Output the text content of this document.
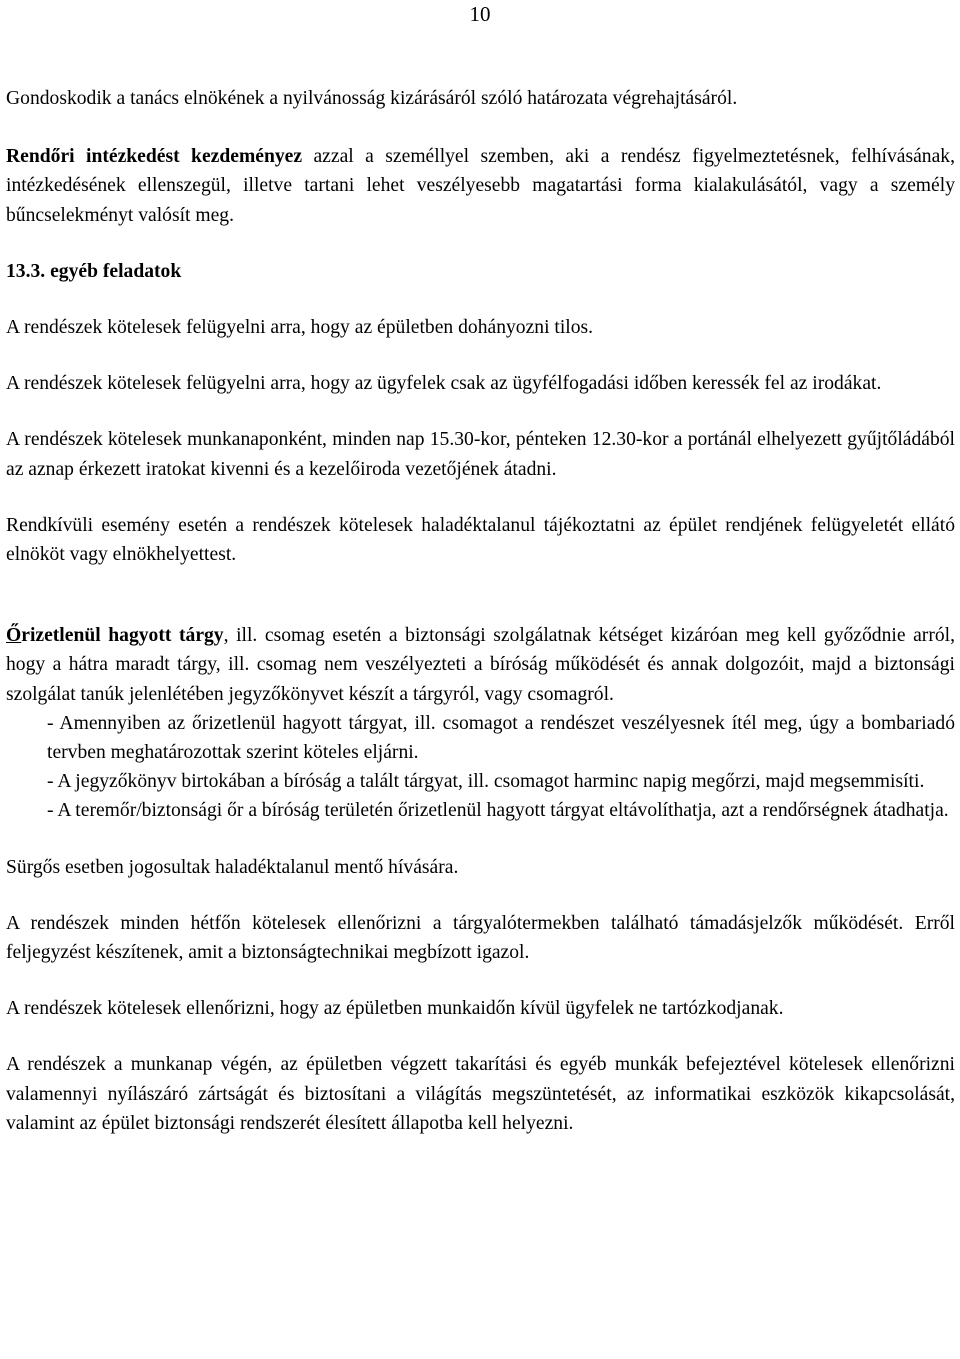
10

Gondoskodik a tanács elnökének a nyilvánosság kizárásáról szóló határozata végrehajtásáról.

Rendőri intézkedést kezdeményez azzal a személlyel szemben, aki a rendész figyelmeztetésnek, felhívásának, intézkedésének ellenszegül, illetve tartani lehet veszélyesebb magatartási forma kialakulásától, vagy a személy bűncselekményt valósít meg.

13.3. egyéb feladatok

A rendészek kötelesek felügyelni arra, hogy az épületben dohányozni tilos.

A rendészek kötelesek felügyelni arra, hogy az ügyfelek csak az ügyfélfogadási időben keressék fel az irodákat.

A rendészek kötelesek munkanaponként, minden nap 15.30-kor, pénteken 12.30-kor a portánál elhelyezett gyűjtőládából az aznap érkezett iratokat kivenni és a kezelőiroda vezetőjének átadni.

Rendkívüli esemény esetén a rendészek kötelesek haladéktalanul tájékoztatni az épület rendjének felügyeletét ellátó elnököt vagy elnökhelyettest.

Őrizetlenül hagyott tárgy, ill. csomag esetén a biztonsági szolgálatnak kétséget kizáróan meg kell győződnie arról, hogy a hátra maradt tárgy, ill. csomag nem veszélyezteti a bíróság működését és annak dolgozóit, majd a biztonsági szolgálat tanúk jelenlétében jegyzőkönyvet készít a tárgyról, vagy csomagról.

- Amennyiben az őrizetlenül hagyott tárgyat, ill. csomagot a rendészet veszélyesnek ítél meg, úgy a bombariadó tervben meghatározottak szerint köteles eljárni.

- A jegyzőkönyv birtokában a bíróság a talált tárgyat, ill. csomagot harminc napig megőrzi, majd megsemmisíti.

- A teremőr/biztonsági őr a bíróság területén őrizetlenül hagyott tárgyat eltávolíthatja, azt a rendőrségnek átadhatja.

Sürgős esetben jogosultak haladéktalanul mentő hívására.

A rendészek minden hétfőn kötelesek ellenőrizni a tárgyalótermekben található támadásjelzők működését. Erről feljegyzést készítenek, amit a biztonságtechnikai megbízott igazol.

A rendészek kötelesek ellenőrizni, hogy az épületben munkaidőn kívül ügyfelek ne tartózkodjanak.

A rendészek a munkanap végén, az épületben végzett takarítási és egyéb munkák befejeztével kötelesek ellenőrizni valamennyi nyílászáró zártságát és biztosítani a világítás megszüntetését, az informatikai eszközök kikapcsolását, valamint az épület biztonsági rendszerét élesített állapotba kell helyezni.
